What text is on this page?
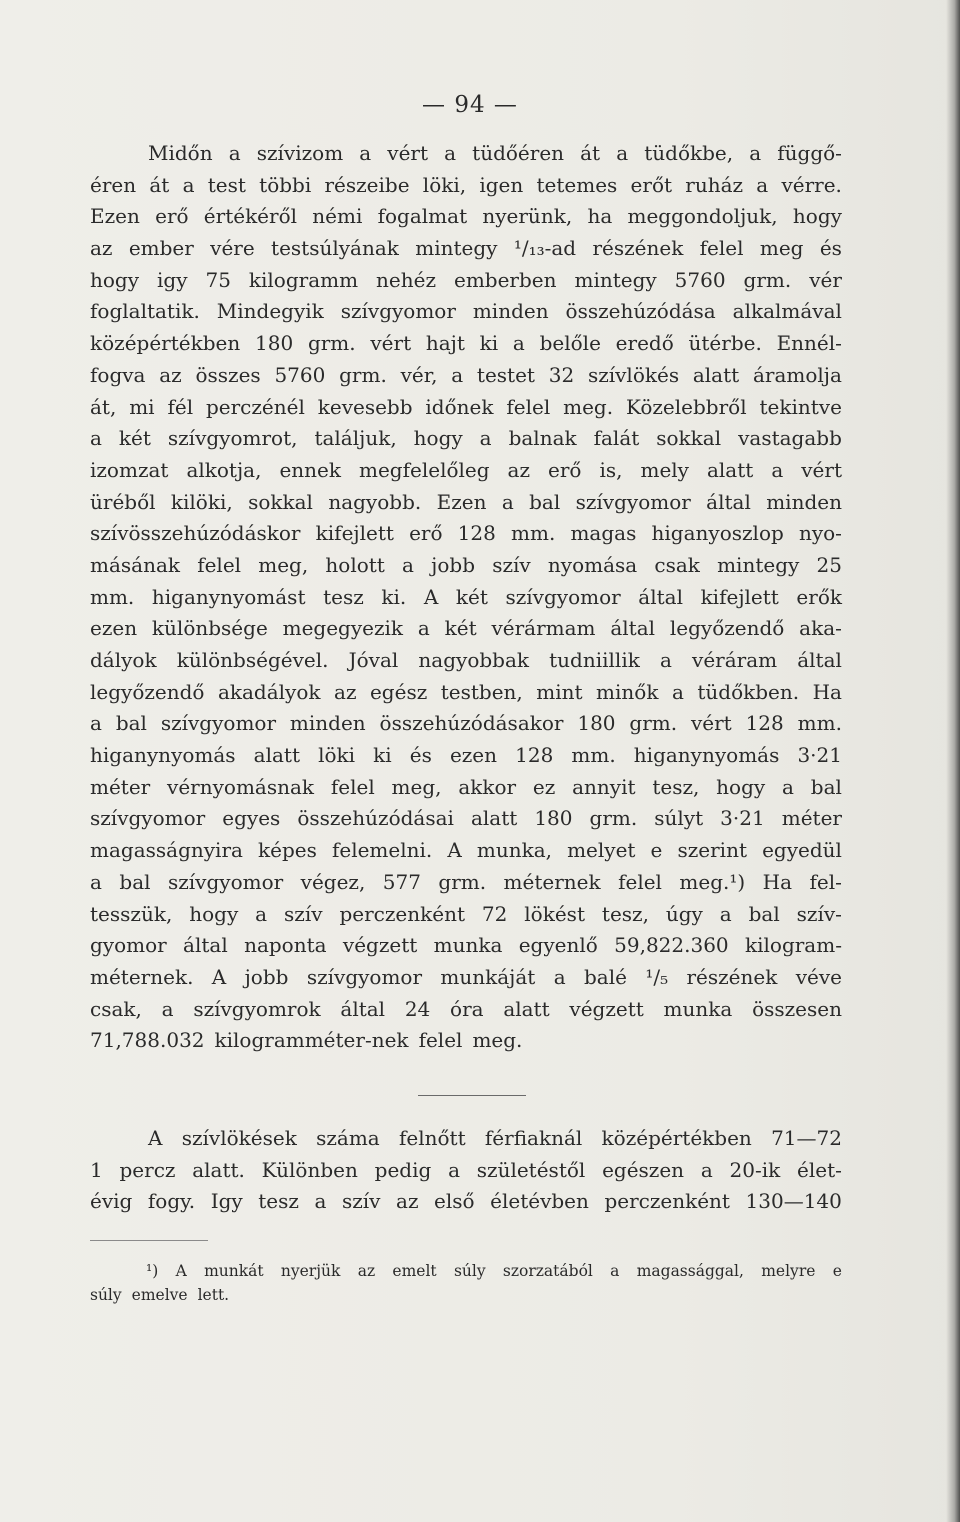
— 94 —
Midőn a szívizom a vért a tüdőéren át a tüdőkbe, a függő-
éren át a test többi részeibe löki, igen tetemes erőt ruház a vérre.
Ezen erő értékéről némi fogalmat nyerünk, ha meggondoljuk, hogy
az ember vére testsúlyának mintegy ¹/₁₃-ad részének felel meg és
hogy igy 75 kilogramm nehéz emberben mintegy 5760 grm. vér
foglaltatik. Mindegyik szívgyomor minden összehúzódása alkalmával
középértékben 180 grm. vért hajt ki a belőle eredő ütérbe. Ennél-
fogva az összes 5760 grm. vér, a testet 32 szívlökés alatt áramolja
át, mi fél perczénél kevesebb időnek felel meg. Közelebbről tekintve
a két szívgyomrot, találjuk, hogy a balnak falát sokkal vastagabb
izomzat alkotja, ennek megfelelőleg az erő is, mely alatt a vért
üréből kilöki, sokkal nagyobb. Ezen a bal szívgyomor által minden
szívösszehúzódáskor kifejlett erő 128 mm. magas higanyoszlop nyo-
másának felel meg, holott a jobb szív nyomása csak mintegy 25
mm. higanynyomást tesz ki. A két szívgyomor által kifejlett erők
ezen különbsége megegyezik a két vérármam által legyőzendő aka-
dályok különbségével. Jóval nagyobbak tudniillik a véráram által
legyőzendő akadályok az egész testben, mint minők a tüdőkben. Ha
a bal szívgyomor minden összehúzódásakor 180 grm. vért 128 mm.
higanynyomás alatt löki ki és ezen 128 mm. higanynyomás 3·21
méter vérnyomásnak felel meg, akkor ez annyit tesz, hogy a bal
szívgyomor egyes összehúzódásai alatt 180 grm. súlyt 3·21 méter
magasságnyira képes felemelni. A munka, melyet e szerint egyedül
a bal szívgyomor végez, 577 grm. méternek felel meg.¹) Ha fel-
tesszük, hogy a szív perczenként 72 lökést tesz, úgy a bal szív-
gyomor által naponta végzett munka egyenlő 59,822.360 kilogram-
méternek. A jobb szívgyomor munkáját a balé ¹/₅ részének véve
csak, a szívgyomrok által 24 óra alatt végzett munka összesen
71,788.032 kilogramméter-nek felel meg.
A szívlökések száma felnőtt férfiaknál középértékben 71—72
1 percz alatt. Különben pedig a születéstől egészen a 20-ik élet-
évig fogy. Igy tesz a szív az első életévben perczenként 130—140
¹) A munkát nyerjük az emelt súly szorzatából a magassággal, melyre e
súly emelve lett.
